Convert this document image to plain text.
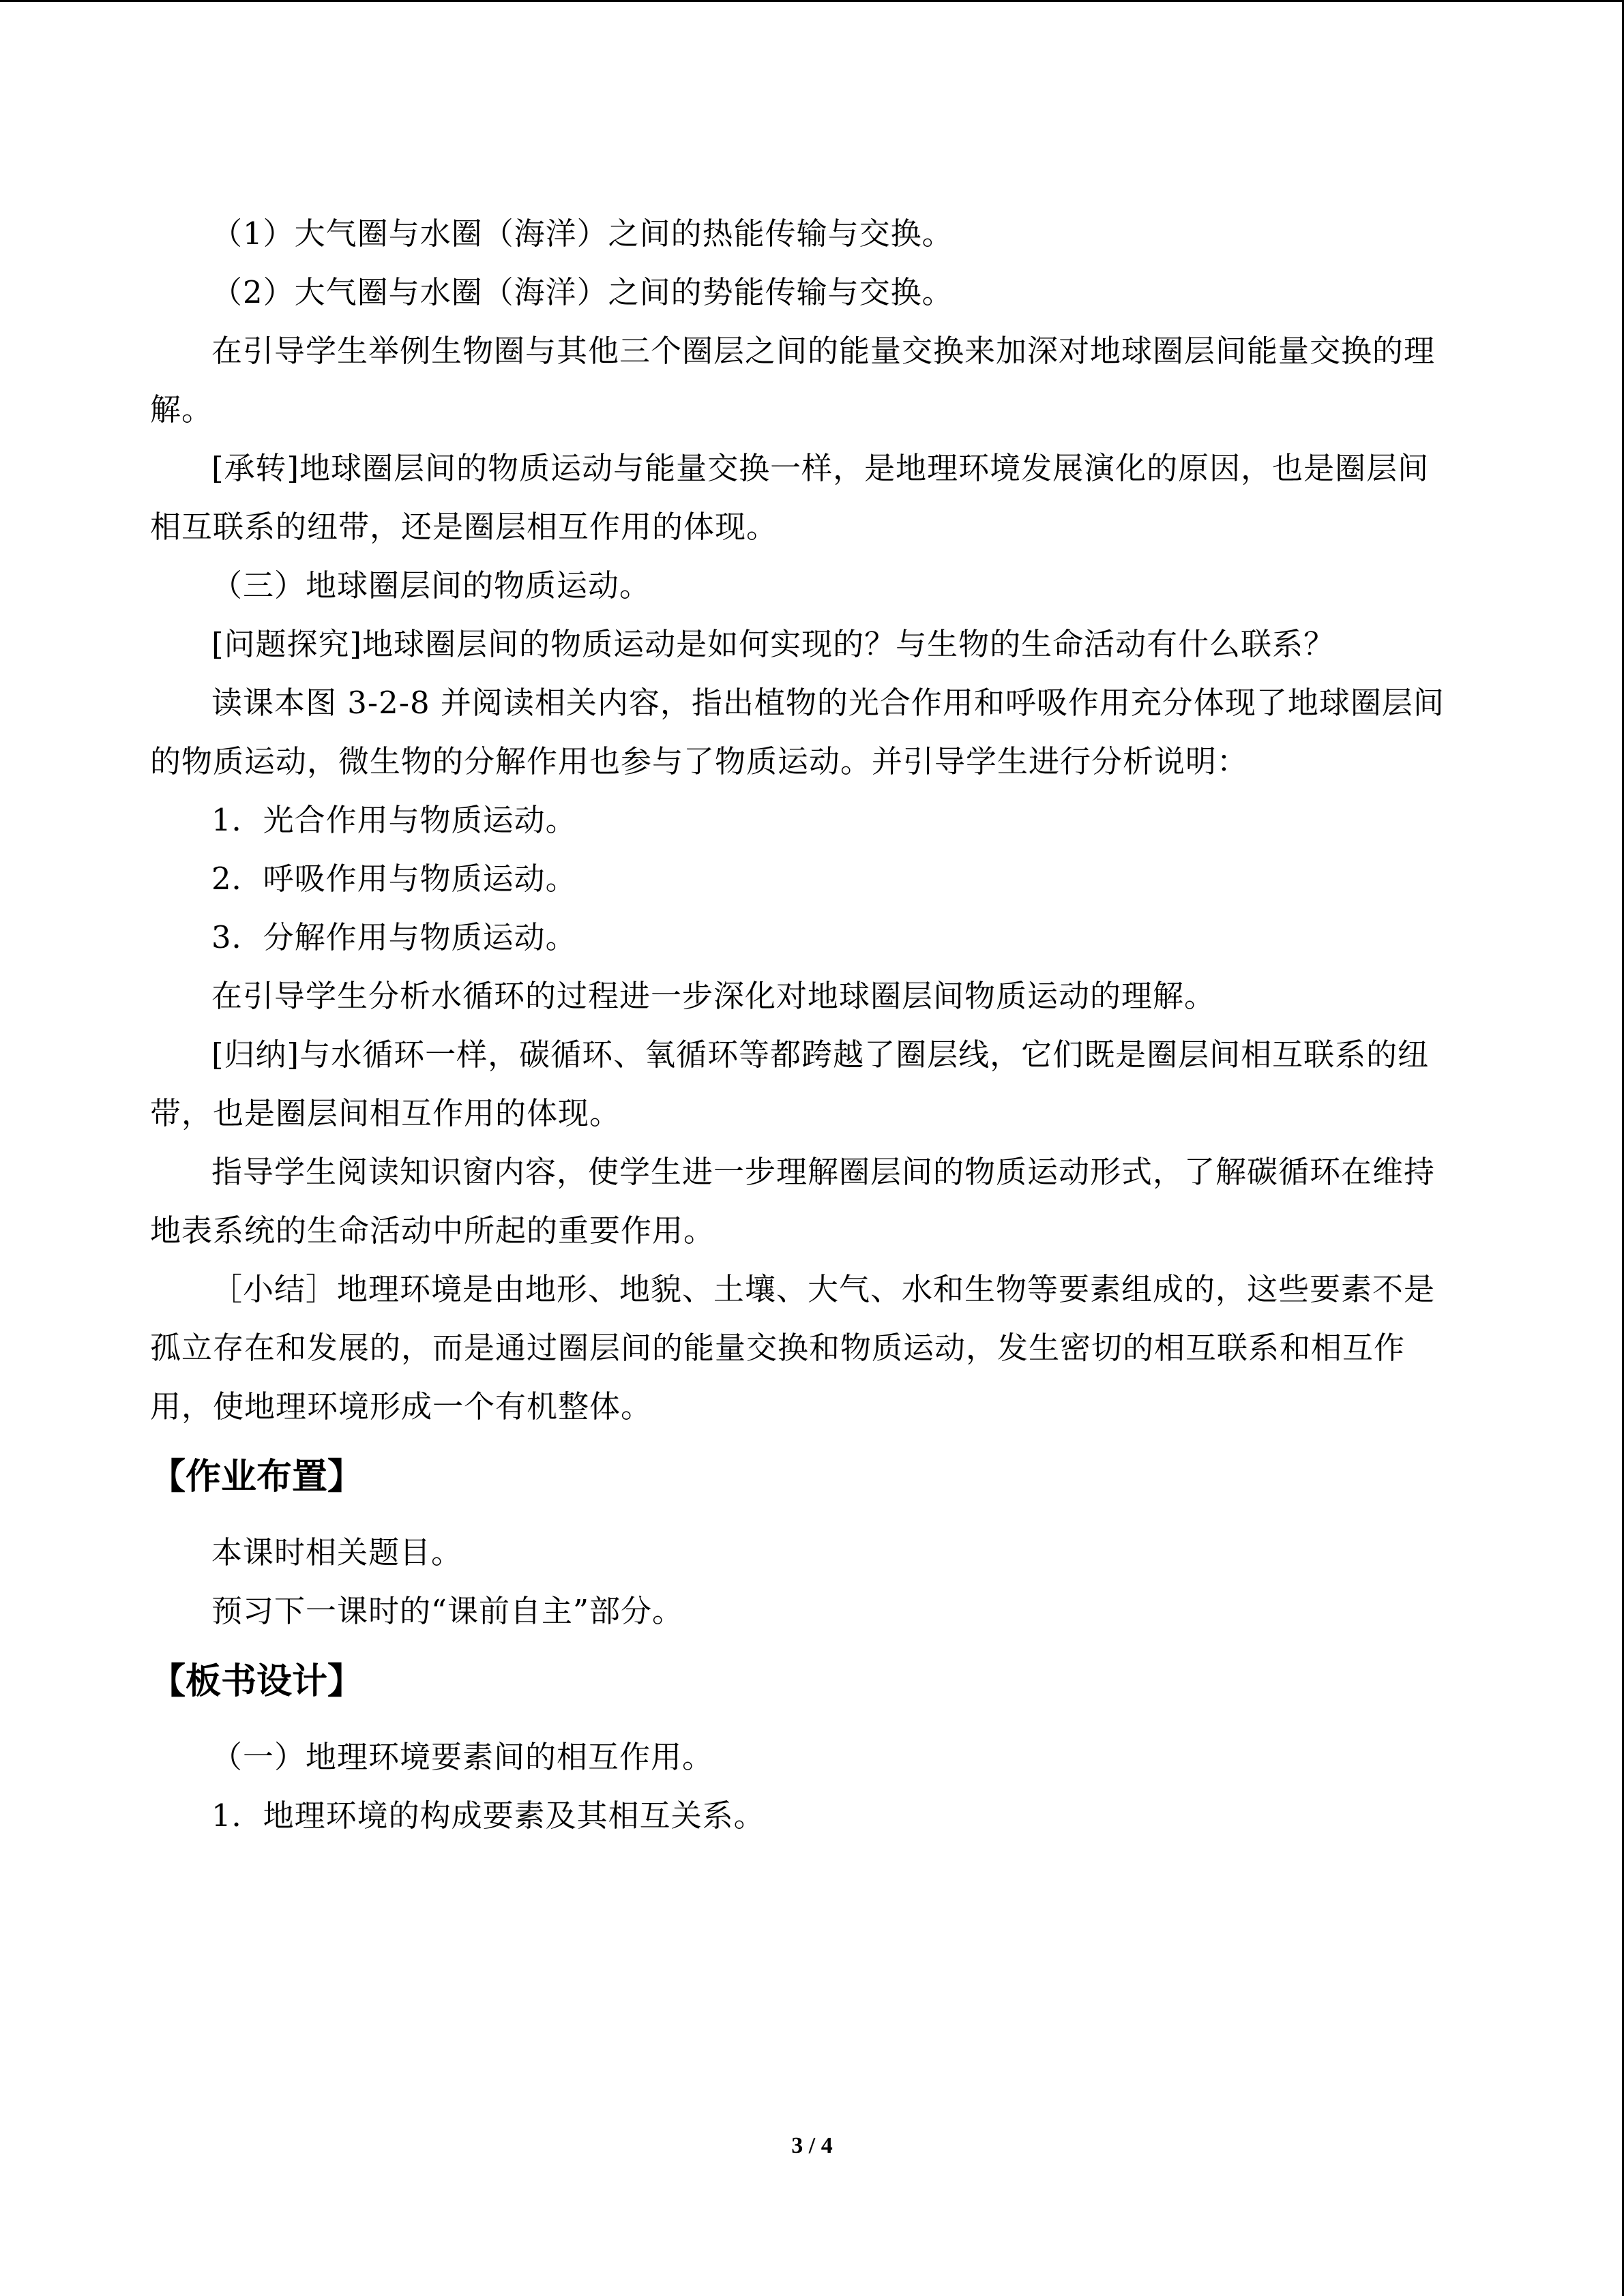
（1）大气圈与水圈（海洋）之间的热能传输与交换。

（2）大气圈与水圈（海洋）之间的势能传输与交换。

在引导学生举例生物圈与其他三个圈层之间的能量交换来加深对地球圈层间能量交换的理解。

[承转]地球圈层间的物质运动与能量交换一样，是地理环境发展演化的原因，也是圈层间相互联系的纽带，还是圈层相互作用的体现。

（三）地球圈层间的物质运动。

[问题探究]地球圈层间的物质运动是如何实现的？与生物的生命活动有什么联系？

读课本图 3-2-8 并阅读相关内容，指出植物的光合作用和呼吸作用充分体现了地球圈层间的物质运动，微生物的分解作用也参与了物质运动。并引导学生进行分析说明：

1．光合作用与物质运动。

2．呼吸作用与物质运动。

3．分解作用与物质运动。

在引导学生分析水循环的过程进一步深化对地球圈层间物质运动的理解。

[归纳]与水循环一样，碳循环、氧循环等都跨越了圈层线，它们既是圈层间相互联系的纽带，也是圈层间相互作用的体现。

指导学生阅读知识窗内容，使学生进一步理解圈层间的物质运动形式，了解碳循环在维持地表系统的生命活动中所起的重要作用。

［小结］地理环境是由地形、地貌、土壤、大气、水和生物等要素组成的，这些要素不是孤立存在和发展的，而是通过圈层间的能量交换和物质运动，发生密切的相互联系和相互作用，使地理环境形成一个有机整体。

【作业布置】

本课时相关题目。

预习下一课时的“课前自主”部分。

【板书设计】

（一）地理环境要素间的相互作用。

1．地理环境的构成要素及其相互关系。

3 / 4
